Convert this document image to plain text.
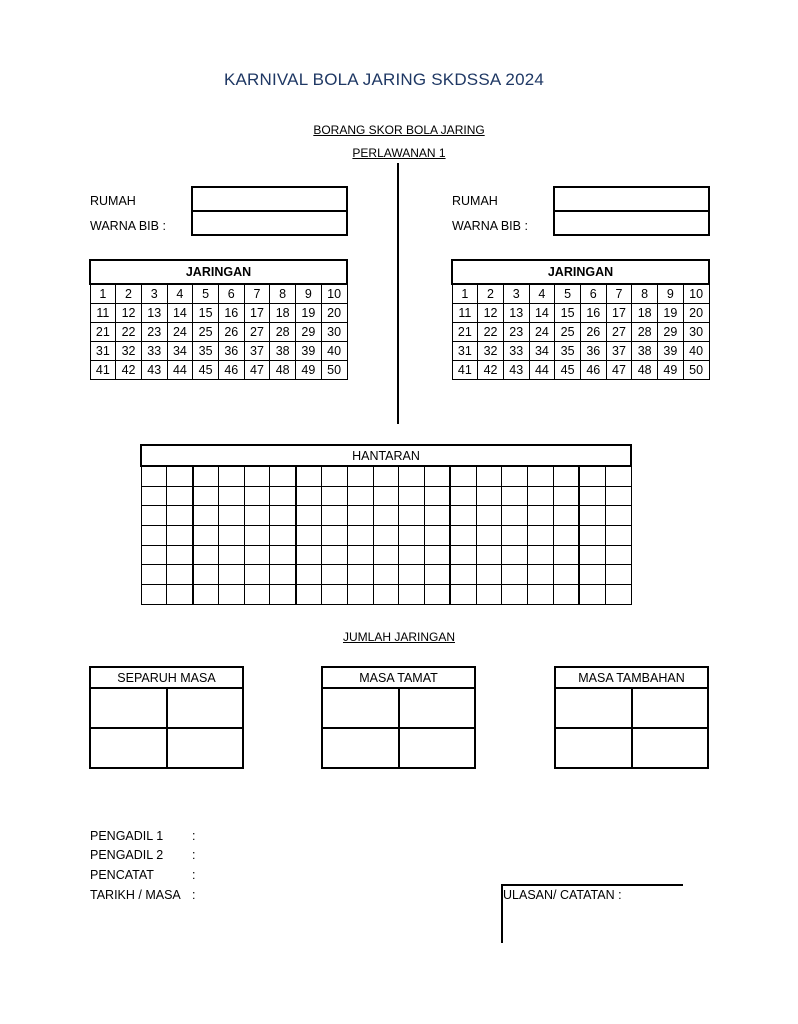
KARNIVAL BOLA JARING SKDSSA 2024
BORANG SKOR BOLA JARING
PERLAWANAN 1
RUMAH
WARNA BIB :
RUMAH
WARNA BIB :
JARINGAN									
1	2	3	4	5	6	7	8	9	10
11	12	13	14	15	16	17	18	19	20
21	22	23	24	25	26	27	28	29	30
31	32	33	34	35	36	37	38	39	40
41	42	43	44	45	46	47	48	49	50
JARINGAN									
1	2	3	4	5	6	7	8	9	10
11	12	13	14	15	16	17	18	19	20
21	22	23	24	25	26	27	28	29	30
31	32	33	34	35	36	37	38	39	40
41	42	43	44	45	46	47	48	49	50
HANTARAN																		

JUMLAH JARINGAN
SEPARUH MASA	

		MASA TAMAT	

		MASA TAMBAHAN	

PENGADIL 1 :
PENGADIL 2 :
PENCATAT	:
TARIKH / MASA :	ULASAN/ CATATAN :
